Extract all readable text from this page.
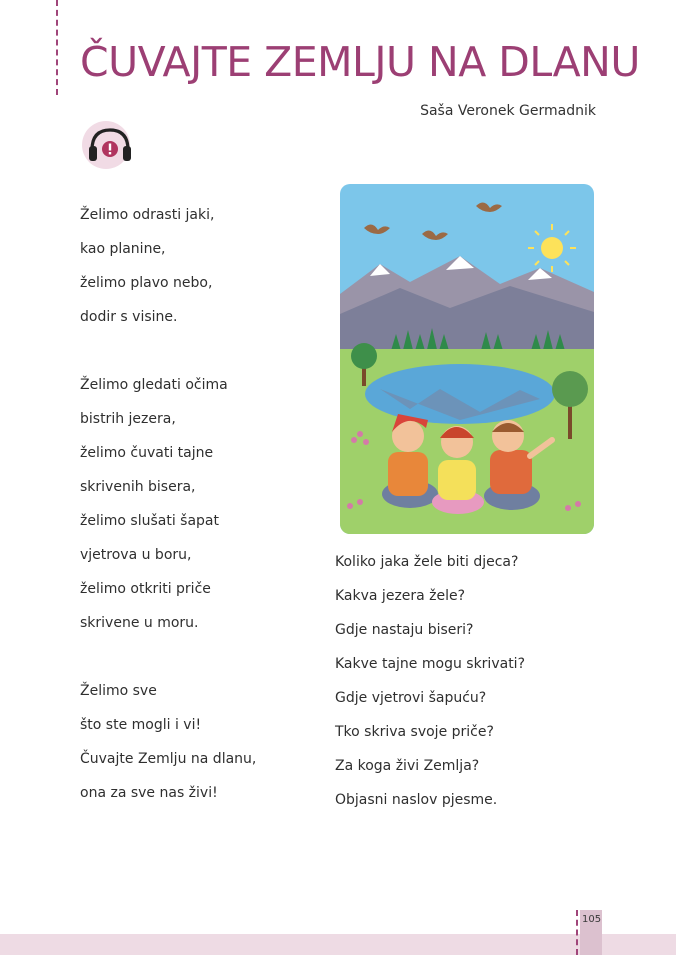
ČUVAJTE ZEMLJU NA DLANU
Saša Veronek Germadnik
Želimo odrasti jaki,
kao planine,
želimo plavo nebo,
dodir s visine.
Želimo gledati očima
bistrih jezera,
želimo čuvati tajne
skrivenih bisera,
želimo slušati šapat
vjetrova u boru,
želimo otkriti priče
skrivene u moru.
Želimo sve
što ste mogli i vi!
Čuvajte Zemlju na dlanu,
ona za sve nas živi!
Koliko jaka žele biti djeca?
Kakva jezera žele?
Gdje nastaju biseri?
Kakve tajne mogu skrivati?
Gdje vjetrovi šapuću?
Tko skriva svoje priče?
Za koga živi Zemlja?
Objasni naslov pjesme.
105
